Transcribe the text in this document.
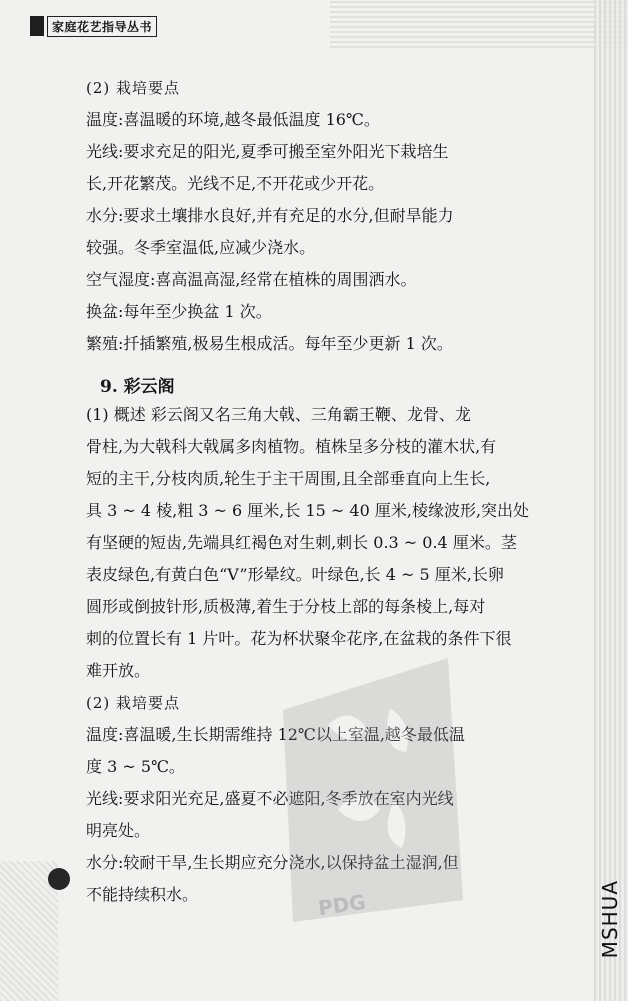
家庭花艺指导丛书
(2) 栽培要点
温度:喜温暖的环境,越冬最低温度 16℃。
光线:要求充足的阳光,夏季可搬至室外阳光下栽培生
长,开花繁茂。光线不足,不开花或少开花。
水分:要求土壤排水良好,并有充足的水分,但耐旱能力
较强。冬季室温低,应减少浇水。
空气湿度:喜高温高湿,经常在植株的周围洒水。
换盆:每年至少换盆 1 次。
繁殖:扦插繁殖,极易生根成活。每年至少更新 1 次。
9. 彩云阁
(1) 概述 彩云阁又名三角大戟、三角霸王鞭、龙骨、龙
骨柱,为大戟科大戟属多肉植物。植株呈多分枝的灌木状,有
短的主干,分枝肉质,轮生于主干周围,且全部垂直向上生长,
具 3 ~ 4 棱,粗 3 ~ 6 厘米,长 15 ~ 40 厘米,棱缘波形,突出处
有坚硬的短齿,先端具红褐色对生刺,刺长 0.3 ~ 0.4 厘米。茎
表皮绿色,有黄白色“V”形晕纹。叶绿色,长 4 ~ 5 厘米,长卵
圆形或倒披针形,质极薄,着生于分枝上部的每条棱上,每对
刺的位置长有 1 片叶。花为杯状聚伞花序,在盆栽的条件下很
难开放。
(2) 栽培要点
温度:喜温暖,生长期需维持 12℃以上室温,越冬最低温
度 3 ~ 5℃。
光线:要求阳光充足,盛夏不必遮阳,冬季放在室内光线
明亮处。
水分:较耐干旱,生长期应充分浇水,以保持盆土湿润,但
不能持续积水。	PDG	MSHUA
